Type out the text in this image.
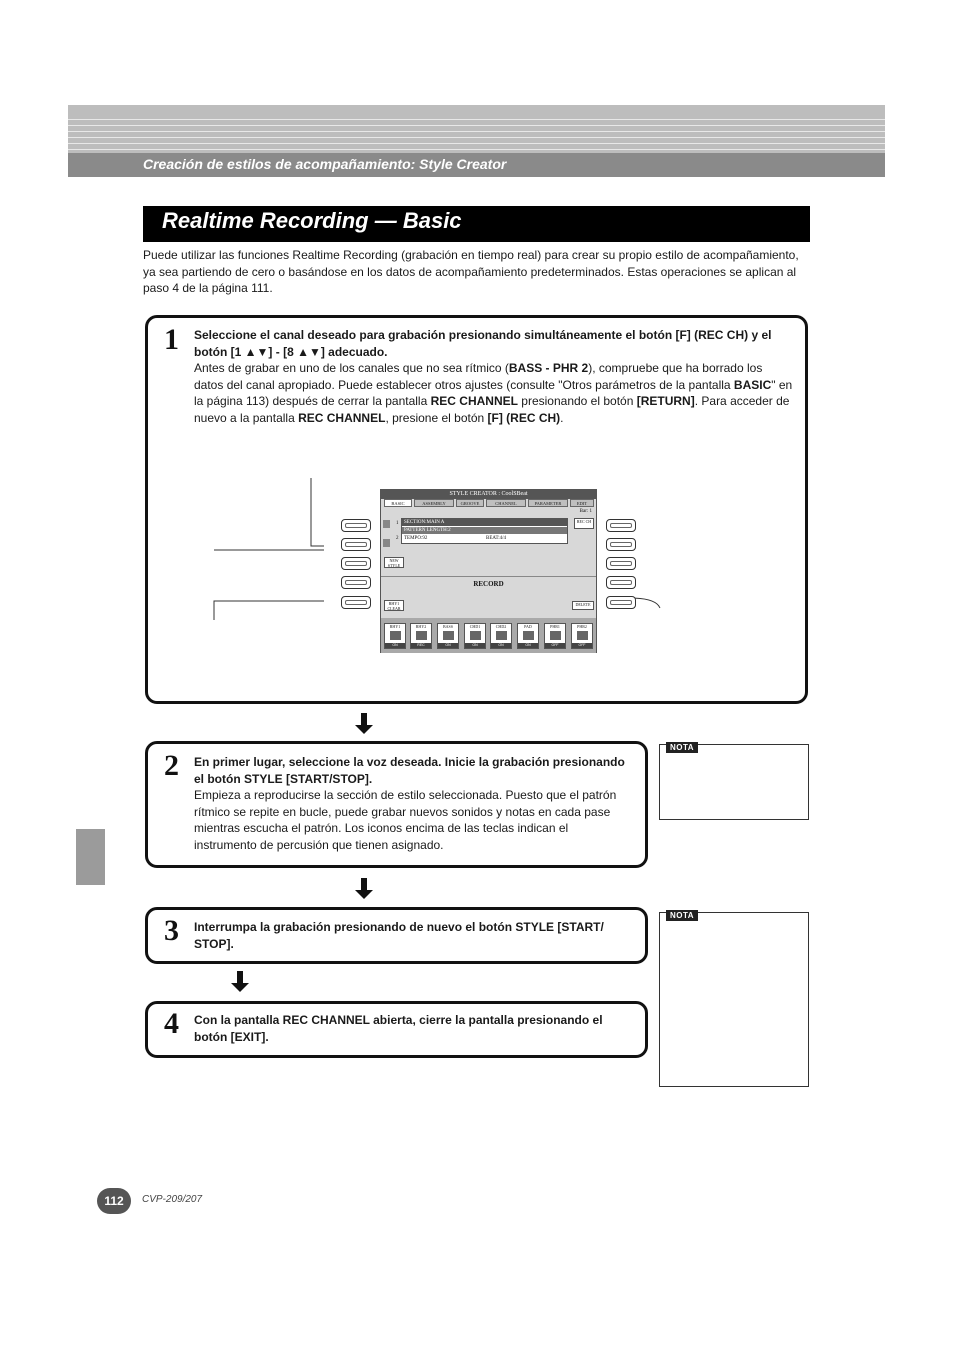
Creación de estilos de acompañamiento: Style Creator
Realtime Recording — Basic
Puede utilizar las funciones Realtime Recording (grabación en tiempo real) para crear su propio estilo de acompañamiento, ya sea partiendo de cero o basándose en los datos de acompañamiento predeterminados. Estas operaciones se aplican al paso 4 de la página 111.
1 Seleccione el canal deseado para grabación presionando simultáneamente el botón [F] (REC CH) y el
botón [1 ▲▼] - [8 ▲▼] adecuado.
Antes de grabar en uno de los canales que no sea rítmico (BASS - PHR 2), compruebe que ha borrado los datos del canal apropiado. Puede establecer otros ajustes (consulte "Otros parámetros de la pantalla BASIC" en la página 113) después de cerrar la pantalla REC CHANNEL presionando el botón [RETURN]. Para acceder de nuevo a la pantalla REC CHANNEL, presione el botón [F] (REC CH).
STYLE CREATOR : CoolSBeat
BASIC	ASSEMBLY	GROOVE	CHANNEL	PARAMETER	EDIT
Bar: 1
1
2
SECTION:MAIN A
PATTERN LENGTH:2
TEMPO:92	BEAT:4/4
REC CH
NEW STYLE
RECORD
RHY1 CLEAR
DELETE
RHY1
ON
RHY2
REC
BASS
ON
CHD1
ON
CHD2
ON
PAD
ON
PHR1
OFF
PHR2
OFF
2 En primer lugar, seleccione la voz deseada. Inicie la grabación presionando el botón STYLE [START/STOP].
Empieza a reproducirse la sección de estilo seleccionada. Puesto que el patrón rítmico se repite en bucle, puede grabar nuevos sonidos y notas en cada pase mientras escucha el patrón. Los iconos encima de las teclas indican el instrumento de percusión que tienen asignado.
NOTA
3 Interrumpa la grabación presionando de nuevo el botón STYLE [START/ STOP].
NOTA
4 Con la pantalla REC CHANNEL abierta, cierre la pantalla presionando el botón [EXIT].
112	CVP-209/207
